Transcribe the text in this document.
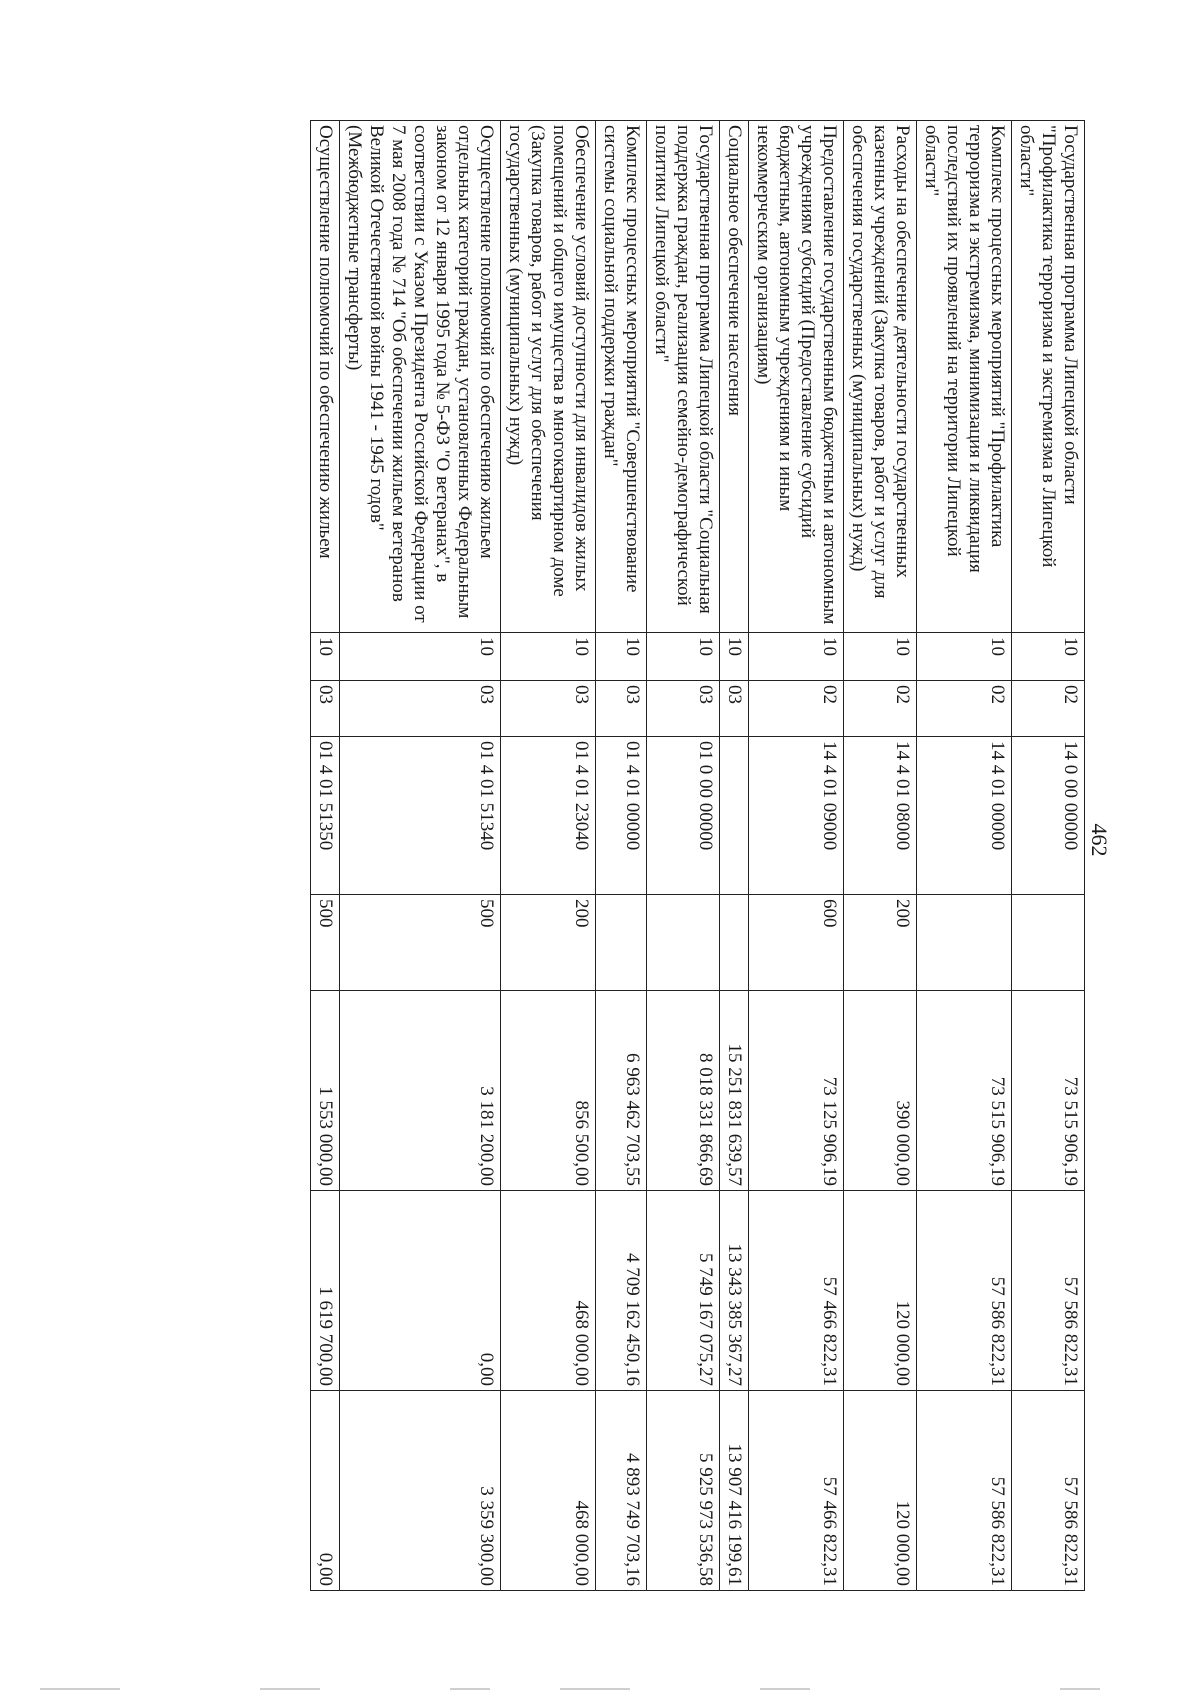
462
Государственная программа Липецкой области "Профилактика терроризма и экстремизма в Липецкой области"	10	02	14 0 00 00000		73 515 906,19	57 586 822,31	57 586 822,31
Комплекс процессных мероприятий "Профилактика терроризма и экстремизма, минимизация и ликвидация последствий их проявлений на территории Липецкой области"	10	02	14 4 01 00000		73 515 906,19	57 586 822,31	57 586 822,31
Расходы на обеспечение деятельности государственных казенных учреждений (Закупка товаров, работ и услуг для обеспечения государственных (муниципальных) нужд)	10	02	14 4 01 08000	200	390 000,00	120 000,00	120 000,00
Предоставление государственным бюджетным и автономным учреждениям субсидий (Предоставление субсидий бюджетным, автономным учреждениям и иным некоммерческим организациям)	10	02	14 4 01 09000	600	73 125 906,19	57 466 822,31	57 466 822,31
Социальное обеспечение населения	10	03			15 251 831 639,57	13 343 385 367,27	13 907 416 199,61
Государственная программа Липецкой области "Социальная поддержка граждан, реализация семейно-демографической политики Липецкой области"	10	03	01 0 00 00000		8 018 331 866,69	5 749 167 075,27	5 925 973 536,58
Комплекс процессных мероприятий "Совершенствование системы социальной поддержки граждан"	10	03	01 4 01 00000		6 963 462 703,55	4 709 162 450,16	4 893 749 703,16
Обеспечение условий доступности для инвалидов жилых помещений и общего имущества в многоквартирном доме (Закупка товаров, работ и услуг для обеспечения государственных (муниципальных) нужд)	10	03	01 4 01 23040	200	856 500,00	468 000,00	468 000,00
Осуществление полномочий по обеспечению жильем отдельных категорий граждан, установленных Федеральным законом от 12 января 1995 года № 5-ФЗ "О ветеранах", в соответствии с Указом Президента Российской Федерации от 7 мая 2008 года № 714 "Об обеспечении жильем ветеранов Великой Отечественной войны 1941 - 1945 годов" (Межбюджетные трансферты)	10	03	01 4 01 51340	500	3 181 200,00	0,00	3 359 300,00
Осуществление полномочий по обеспечению жильем	10	03	01 4 01 51350	500	1 553 000,00	1 619 700,00	0,00
